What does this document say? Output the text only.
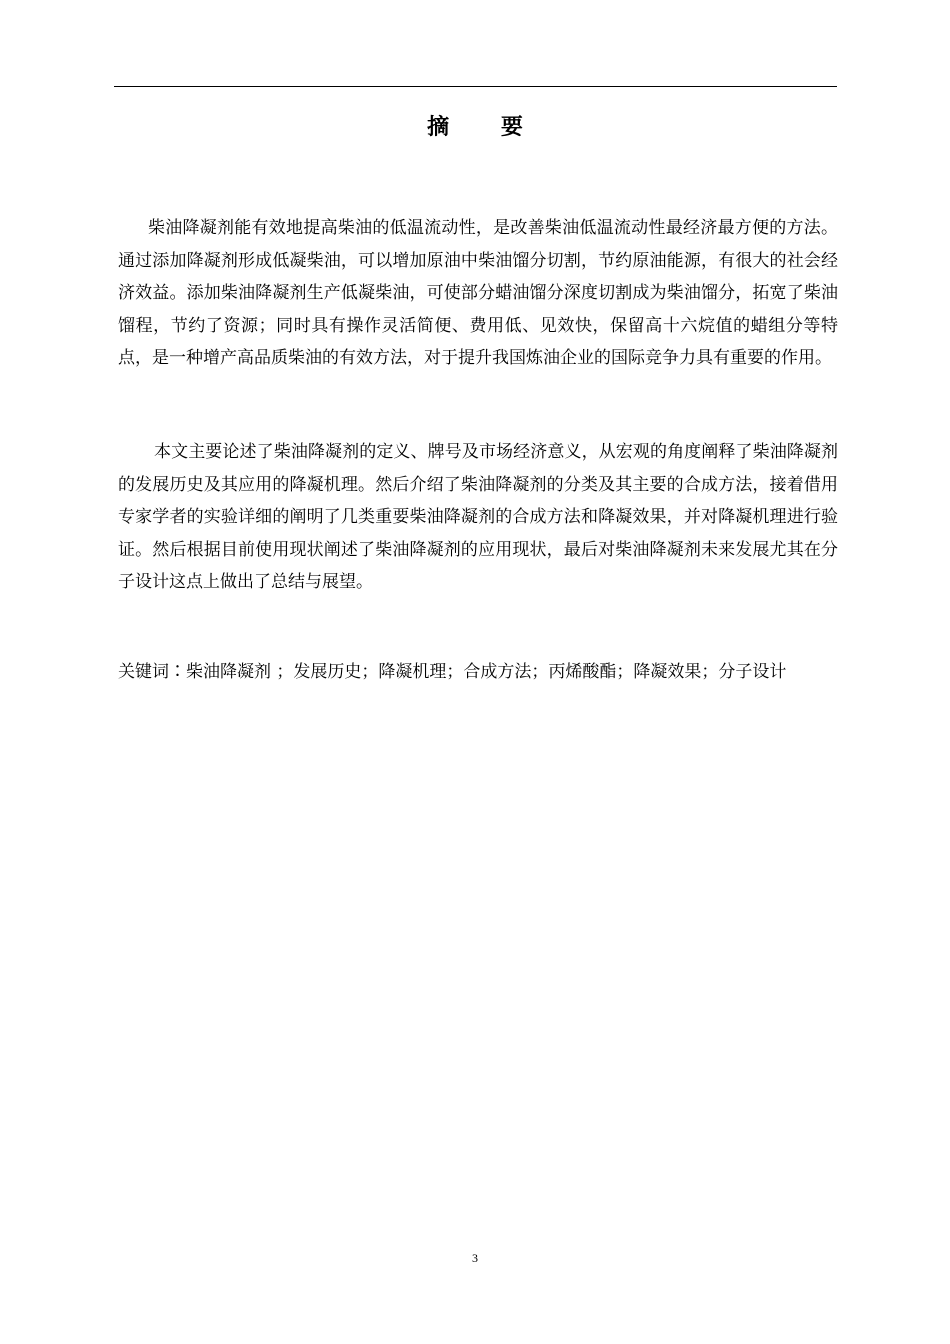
摘 要

柴油降凝剂能有效地提高柴油的低温流动性，是改善柴油低温流动性最经济最方便的方法。通过添加降凝剂形成低凝柴油，可以增加原油中柴油馏分切割，节约原油能源，有很大的社会经济效益。添加柴油降凝剂生产低凝柴油，可使部分蜡油馏分深度切割成为柴油馏分，拓宽了柴油馏程，节约了资源；同时具有操作灵活简便、费用低、见效快，保留高十六烷值的蜡组分等特点，是一种增产高品质柴油的有效方法，对于提升我国炼油企业的国际竞争力具有重要的作用。

本文主要论述了柴油降凝剂的定义、牌号及市场经济意义，从宏观的角度阐释了柴油降凝剂的发展历史及其应用的降凝机理。然后介绍了柴油降凝剂的分类及其主要的合成方法，接着借用专家学者的实验详细的阐明了几类重要柴油降凝剂的合成方法和降凝效果，并对降凝机理进行验证。然后根据目前使用现状阐述了柴油降凝剂的应用现状，最后对柴油降凝剂未来发展尤其在分子设计这点上做出了总结与展望。

关键词∶柴油降凝剂 ；发展历史；降凝机理；合成方法；丙烯酸酯；降凝效果；分子设计

3
